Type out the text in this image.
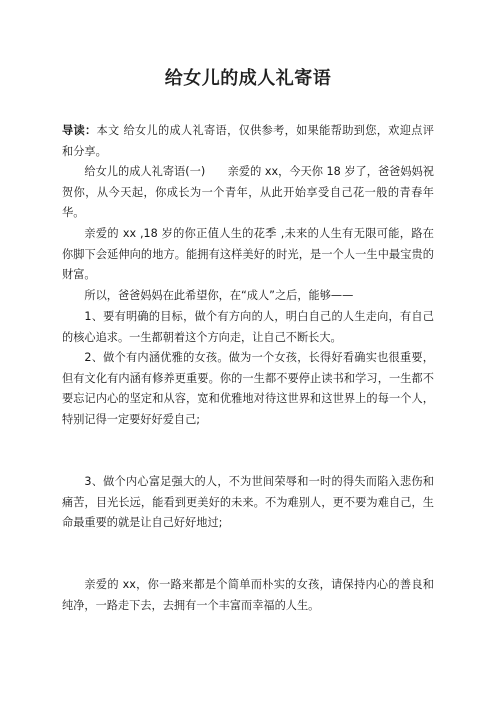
给女儿的成人礼寄语
导读：本文 给女儿的成人礼寄语，仅供参考，如果能帮助到您，欢迎点评和分享。
给女儿的成人礼寄语(一)　　亲爱的 xx，今天你 18 岁了，爸爸妈妈祝贺你，从今天起，你成长为一个青年，从此开始享受自己花一般的青春年华。
亲爱的 xx ,18 岁的你正值人生的花季 ,未来的人生有无限可能，路在你脚下会延伸向的地方。能拥有这样美好的时光，是一个人一生中最宝贵的财富。
所以，爸爸妈妈在此希望你，在“成人”之后，能够——
1、要有明确的目标，做个有方向的人，明白自己的人生走向，有自己的核心追求。一生都朝着这个方向走，让自己不断长大。
2、做个有内涵优雅的女孩。做为一个女孩，长得好看确实也很重要，但有文化有内涵有修养更重要。你的一生都不要停止读书和学习，一生都不要忘记内心的坚定和从容，宽和优雅地对待这世界和这世界上的每一个人，特别记得一定要好好爱自己;
3、做个内心富足强大的人，不为世间荣辱和一时的得失而陷入悲伤和痛苦，目光长远，能看到更美好的未来。不为难别人，更不要为难自己，生命最重要的就是让自己好好地过;
亲爱的 xx，你一路来都是个简单而朴实的女孩，请保持内心的善良和纯净，一路走下去，去拥有一个丰富而幸福的人生。
